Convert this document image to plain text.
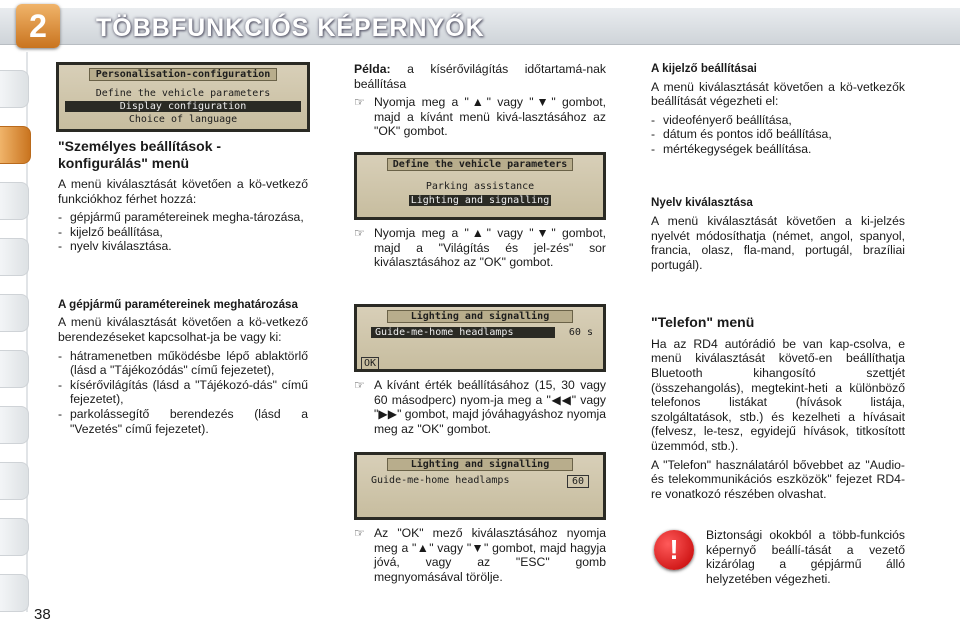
2	TÖBBFUNKCIÓS KÉPERNYŐK
Personalisation-configuration
Define the vehicle parameters
Display configuration
Choice of language
"Személyes beállítások - konfigurálás" menü

A menü kiválasztását követően a kö-vetkező funkciókhoz férhet hozzá:

- gépjármű paramétereinek megha-tározása,
- kijelző beállítása,
- nyelv kiválasztása.
A gépjármű paramétereinek meghatározása

A menü kiválasztását követően a kö-vetkező berendezéseket kapcsolhat-ja be vagy ki:

- hátramenetben működésbe lépő ablaktörlő (lásd a "Tájékozódás" című fejezetet),
- kísérővilágítás (lásd a "Tájékozó-dás" című fejezetet),
- parkolássegítő berendezés (lásd a "Vezetés" című fejezetet).

Példa: a kísérővilágítás időtartamá-nak beállítása

☞ Nyomja meg a "▲" vagy "▼" gombot, majd a kívánt menü kivá-lasztásához az "OK" gombot.
Define the vehicle parameters
Parking assistance
Lighting and signalling
☞ Nyomja meg a "▲" vagy "▼" gombot, majd a "Világítás és jel-zés" sor kiválasztásához az "OK" gombot.
Lighting and signalling
Guide-me-home headlamps	60 s
OK
☞ A kívánt érték beállításához (15, 30 vagy 60 másodperc) nyom-ja meg a "◀◀" vagy "▶▶" gombot, majd jóváhagyáshoz nyomja meg az "OK" gombot.
Lighting and signalling
Guide-me-home headlamps	60
☞ Az "OK" mező kiválasztásához nyomja meg a "▲" vagy "▼" gombot, majd hagyja jóvá, vagy az "ESC" gomb megnyomásával törölje.
A kijelző beállításai

A menü kiválasztását követően a kö-vetkezők beállítását végezheti el:

- videofényerő beállítása,
- dátum és pontos idő beállítása,
- mértékegységek beállítása.
Nyelv kiválasztása

A menü kiválasztását követően a ki-jelzés nyelvét módosíthatja (német, angol, spanyol, francia, olasz, fla-mand, portugál, brazíliai portugál).

"Telefon" menü

Ha az RD4 autórádió be van kap-csolva, e menü kiválasztását követő-en beállíthatja Bluetooth kihangosító szettjét (összehangolás), megtekint-heti a különböző telefonos listákat (hívások listája, szolgáltatások, stb.) és kezelheti a hívásait (felvesz, le-tesz, egyidejű hívások, titkosított üzemmód, stb.).

A "Telefon" használatáról bővebbet az "Audio- és telekommunikációs eszközök" fejezet RD4-re vonatkozó részében olvashat.

!	Biztonsági okokból a több-funkciós képernyő beállí-tását a vezető kizárólag a gépjármű álló helyzetében végezheti.

38
